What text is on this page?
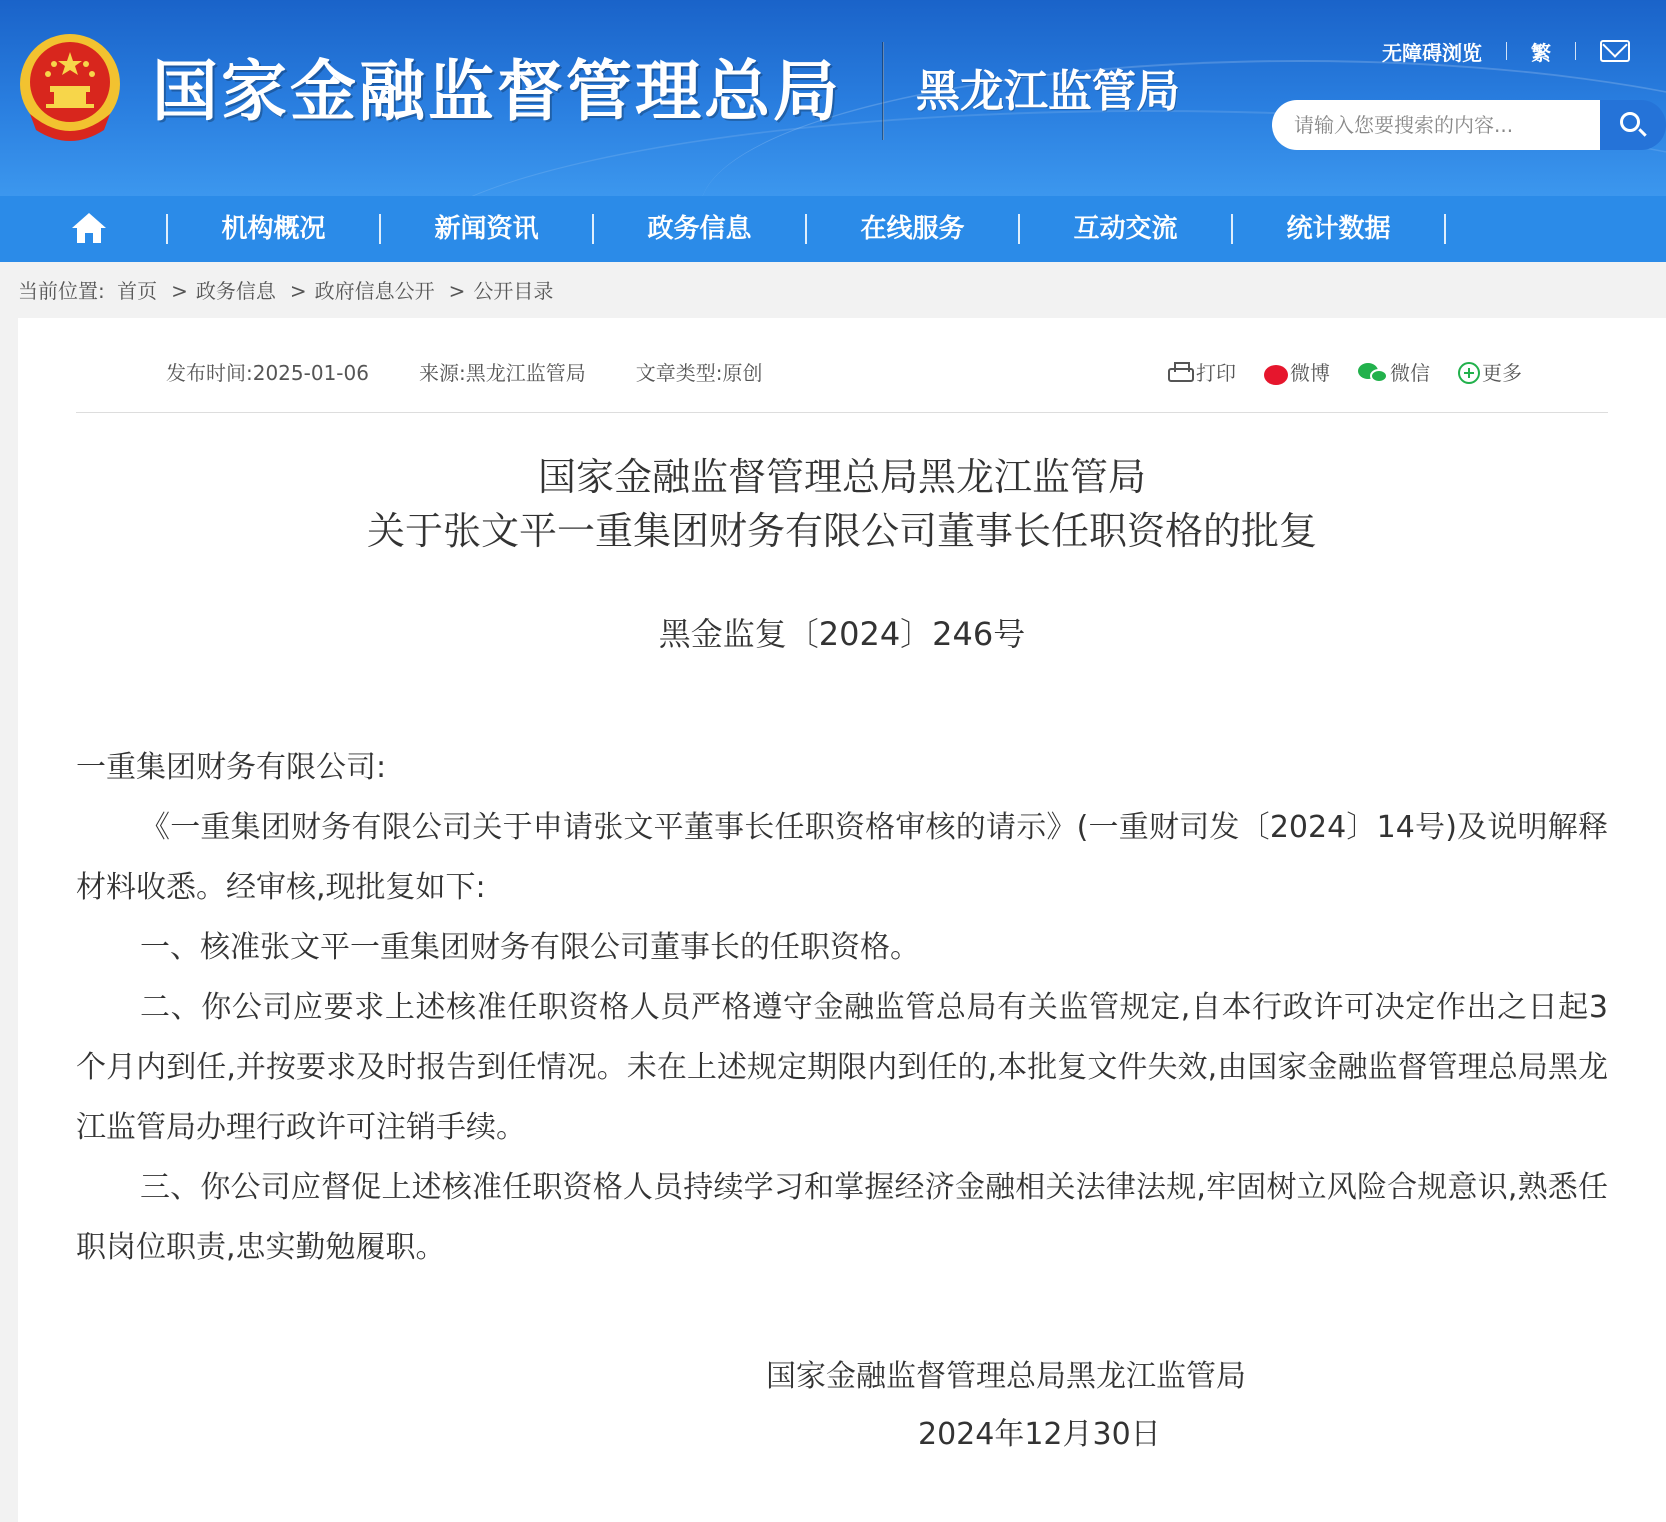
国家金融监督管理总局 黑龙江监管局
无障碍浏览 繁
请输入您要搜索的内容...
机构概况	新闻资讯	政务信息	在线服务	互动交流	统计数据
当前位置: 首页 > 政务信息 > 政府信息公开 > 公开目录
发布时间:2025-01-06	来源:黑龙江监管局	文章类型:原创	打印	微博	微信	更多
国家金融监督管理总局黑龙江监管局
关于张文平一重集团财务有限公司董事长任职资格的批复
黑金监复〔2024〕246号

一重集团财务有限公司:

《一重集团财务有限公司关于申请张文平董事长任职资格审核的请示》(一重财司发〔2024〕14号)及说明解释材料收悉。经审核,现批复如下:

一、核准张文平一重集团财务有限公司董事长的任职资格。

二、你公司应要求上述核准任职资格人员严格遵守金融监管总局有关监管规定,自本行政许可决定作出之日起3个月内到任,并按要求及时报告到任情况。未在上述规定期限内到任的,本批复文件失效,由国家金融监督管理总局黑龙江监管局办理行政许可注销手续。

三、你公司应督促上述核准任职资格人员持续学习和掌握经济金融相关法律法规,牢固树立风险合规意识,熟悉任职岗位职责,忠实勤勉履职。

国家金融监督管理总局黑龙江监管局
2024年12月30日
